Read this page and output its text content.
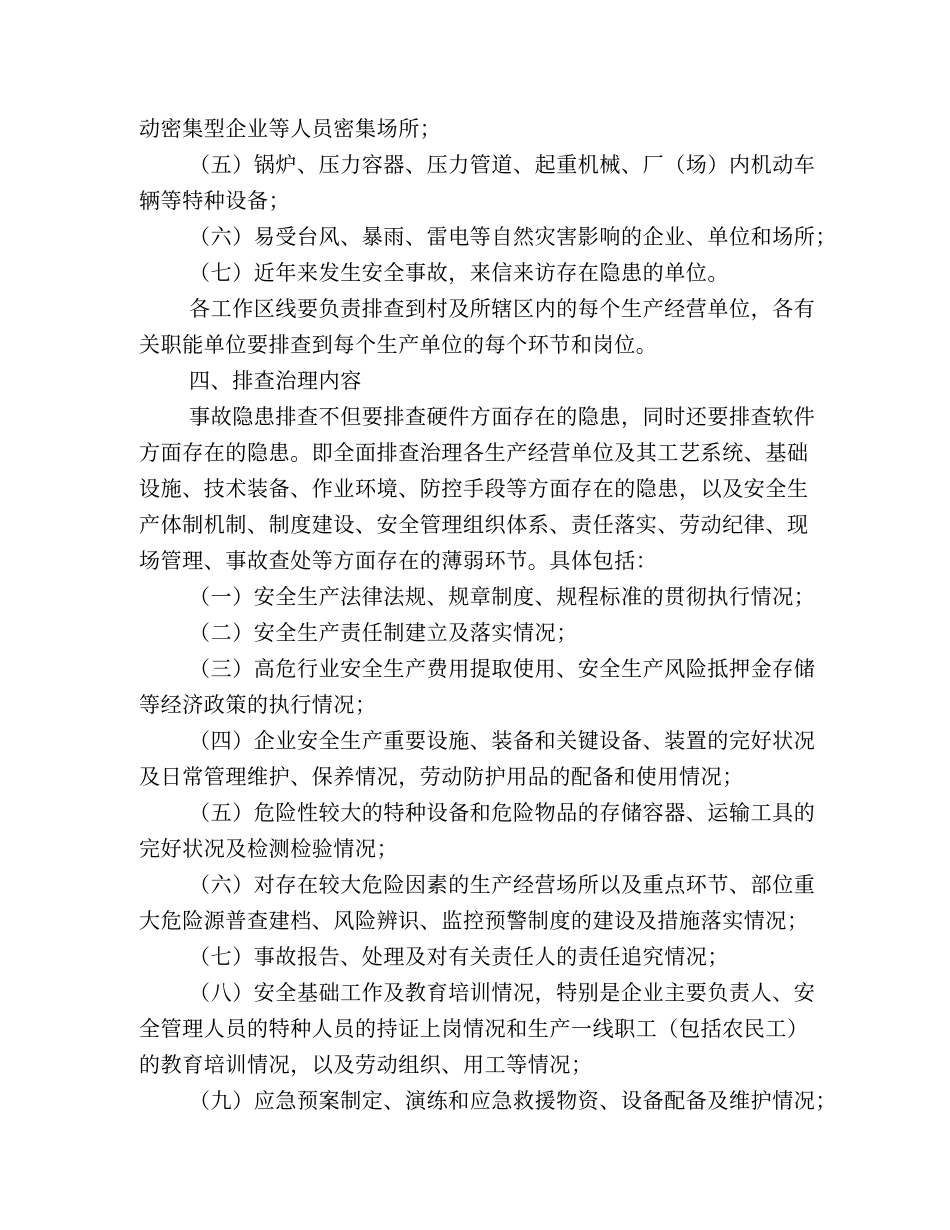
动密集型企业等人员密集场所；
（五）锅炉、压力容器、压力管道、起重机械、厂（场）内机动车
辆等特种设备；
（六）易受台风、暴雨、雷电等自然灾害影响的企业、单位和场所；
（七）近年来发生安全事故，来信来访存在隐患的单位。
各工作区线要负责排查到村及所辖区内的每个生产经营单位，各有
关职能单位要排查到每个生产单位的每个环节和岗位。
四、排查治理内容
事故隐患排查不但要排查硬件方面存在的隐患，同时还要排查软件
方面存在的隐患。即全面排查治理各生产经营单位及其工艺系统、基础
设施、技术装备、作业环境、防控手段等方面存在的隐患，以及安全生
产体制机制、制度建设、安全管理组织体系、责任落实、劳动纪律、现
场管理、事故查处等方面存在的薄弱环节。具体包括：
（一）安全生产法律法规、规章制度、规程标准的贯彻执行情况；
（二）安全生产责任制建立及落实情况；
（三）高危行业安全生产费用提取使用、安全生产风险抵押金存储
等经济政策的执行情况；
（四）企业安全生产重要设施、装备和关键设备、装置的完好状况
及日常管理维护、保养情况，劳动防护用品的配备和使用情况；
（五）危险性较大的特种设备和危险物品的存储容器、运输工具的
完好状况及检测检验情况；
（六）对存在较大危险因素的生产经营场所以及重点环节、部位重
大危险源普查建档、风险辨识、监控预警制度的建设及措施落实情况；
（七）事故报告、处理及对有关责任人的责任追究情况；
（八）安全基础工作及教育培训情况，特别是企业主要负责人、安
全管理人员的特种人员的持证上岗情况和生产一线职工（包括农民工）
的教育培训情况，以及劳动组织、用工等情况；
（九）应急预案制定、演练和应急救援物资、设备配备及维护情况；
